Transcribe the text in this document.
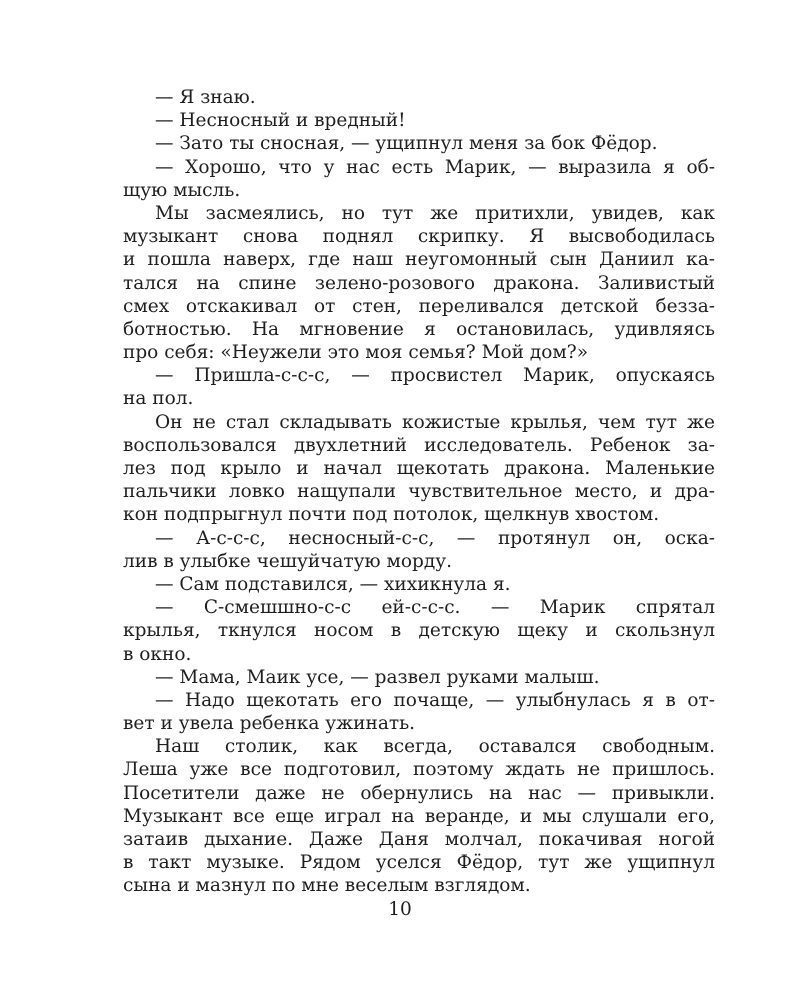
— Я знаю.
— Несносный и вредный!
— Зато ты сносная, — ущипнул меня за бок Фёдор.
— Хорошо, что у нас есть Марик, — выразила я об-
щую мысль.
Мы засмеялись, но тут же притихли, увидев, как
музыкант снова поднял скрипку. Я высвободилась
и пошла наверх, где наш неугомонный сын Даниил ка-
тался на спине зелено-розового дракона. Заливистый
смех отскакивал от стен, переливался детской безза-
ботностью. На мгновение я остановилась, удивляясь
про себя: «Неужели это моя семья? Мой дом?»
— Пришла-с-с-с, — просвистел Марик, опускаясь
на пол.
Он не стал складывать кожистые крылья, чем тут же
воспользовался двухлетний исследователь. Ребенок за-
лез под крыло и начал щекотать дракона. Маленькие
пальчики ловко нащупали чувствительное место, и дра-
кон подпрыгнул почти под потолок, щелкнув хвостом.
— А-с-с-с, несносный-с-с, — протянул он, оска-
лив в улыбке чешуйчатую морду.
— Сам подставился, — хихикнула я.
— С-смешшно-с-с ей-с-с-с. — Марик спрятал
крылья, ткнулся носом в детскую щеку и скользнул
в окно.
— Мама, Маик усе, — развел руками малыш.
— Надо щекотать его почаще, — улыбнулась я в от-
вет и увела ребенка ужинать.
Наш столик, как всегда, оставался свободным.
Леша уже все подготовил, поэтому ждать не пришлось.
Посетители даже не обернулись на нас — привыкли.
Музыкант все еще играл на веранде, и мы слушали его,
затаив дыхание. Даже Даня молчал, покачивая ногой
в такт музыке. Рядом уселся Фёдор, тут же ущипнул
сына и мазнул по мне веселым взглядом.
10
